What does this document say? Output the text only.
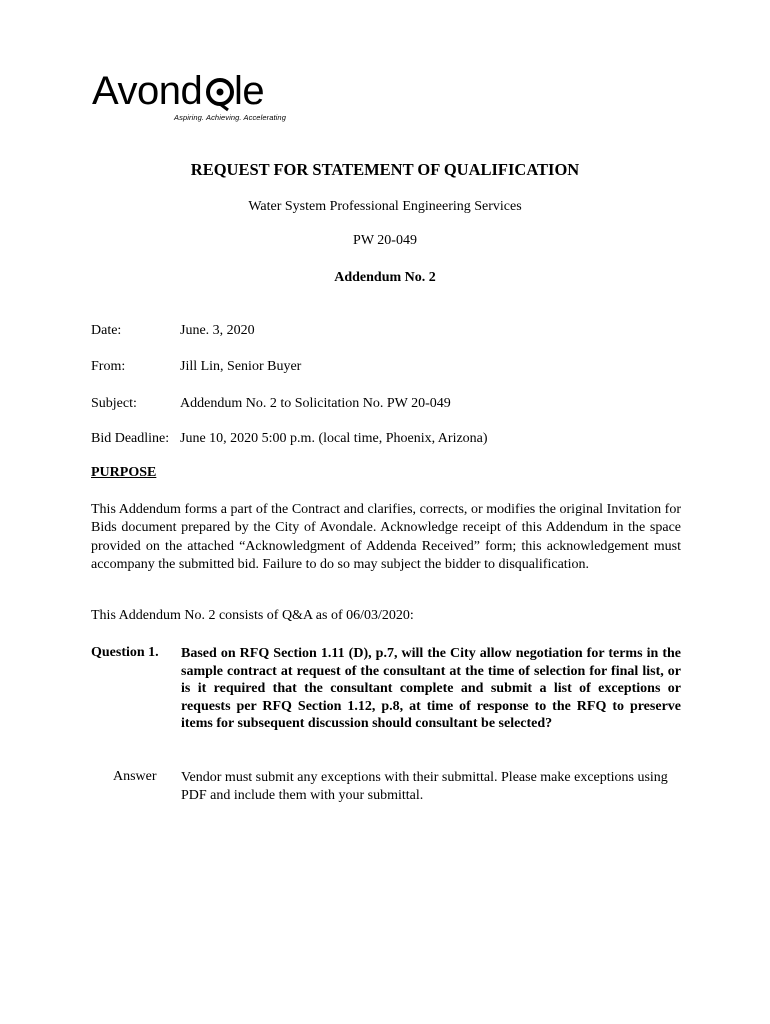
Avond le
Aspiring. Achieving. Accelerating
REQUEST FOR STATEMENT OF QUALIFICATION
Water System Professional Engineering Services
PW 20-049
Addendum No. 2
Date:	June. 3, 2020
From:	Jill Lin, Senior Buyer
Subject:	Addendum No. 2 to Solicitation No. PW 20-049
Bid Deadline: June 10, 2020 5:00 p.m. (local time, Phoenix, Arizona)
PURPOSE
This Addendum forms a part of the Contract and clarifies, corrects, or modifies the original Invitation for Bids document prepared by the City of Avondale. Acknowledge receipt of this Addendum in the space provided on the attached “Acknowledgment of Addenda Received” form; this acknowledgement must accompany the submitted bid. Failure to do so may subject the bidder to disqualification.
This Addendum No. 2 consists of Q&A as of 06/03/2020:
Question 1. Based on RFQ Section 1.11 (D), p.7, will the City allow negotiation for terms in the sample contract at request of the consultant at the time of selection for final list, or is it required that the consultant complete and submit a list of exceptions or requests per RFQ Section 1.12, p.8, at time of response to the RFQ to preserve items for subsequent discussion should consultant be selected?
Answer Vendor must submit any exceptions with their submittal. Please make exceptions using PDF and include them with your submittal.
